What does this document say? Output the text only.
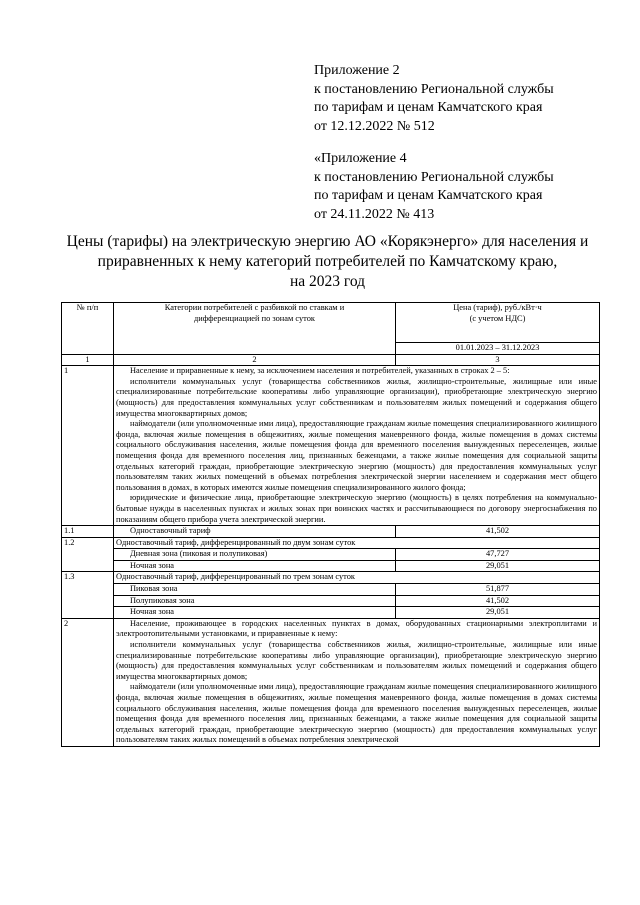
Приложение 2
к постановлению Региональной службы
по тарифам и ценам Камчатского края
от 12.12.2022 № 512
«Приложение 4
к постановлению Региональной службы
по тарифам и ценам Камчатского края
от 24.11.2022 № 413
Цены (тарифы) на электрическую энергию АО «Корякэнерго» для населения и
приравненных к нему категорий потребителей по Камчатскому краю,
на 2023 год
№ п/п	Категории потребителей с разбивкой по ставкам и дифференциацией по зонам суток	Цена (тариф), руб./кВт·ч
(с учетом НДС)

		01.01.2023 – 31.12.2023
1	2	3
1	Население и приравненные к нему, за исключением населения и потребителей, указанных в строках 2 – 5:
исполнители коммунальных услуг (товарищества собственников жилья, жилищно-строительные, жилищные или иные специализированные потребительские кооперативы либо управляющие организации), приобретающие электрическую энергию (мощность) для предоставления коммунальных услуг собственникам и пользователям жилых помещений и содержания общего имущества многоквартирных домов;
наймодатели (или уполномоченные ими лица), предоставляющие гражданам жилые помещения специализированного жилищного фонда, включая жилые помещения в общежитиях, жилые помещения маневренного фонда, жилые помещения в домах системы социального обслуживания населения, жилые помещения фонда для временного поселения вынужденных переселенцев, жилые помещения фонда для временного поселения лиц, признанных беженцами, а также жилые помещения для социальной защиты отдельных категорий граждан, приобретающие электрическую энергию (мощность) для предоставления коммунальных услуг пользователям таких жилых помещений в объемах потребления электрической энергии населением и содержания мест общего пользования в домах, в которых имеются жилые помещения специализированного жилого фонда;
юридические и физические лица, приобретающие электрическую энергию (мощность) в целях потребления на коммунально-бытовые нужды в населенных пунктах и жилых зонах при воинских частях и рассчитывающиеся по договору энергоснабжения по показаниям общего прибора учета электрической энергии.	

1.1	Одноставочный тариф	41,502
1.2	Одноставочный тариф, дифференцированный по двум зонам суток	
	Дневная зона (пиковая и полупиковая)	47,727
	Ночная зона	29,051
1.3	Одноставочный тариф, дифференцированный по трем зонам суток	
	Пиковая зона	51,877
	Полупиковая зона	41,502
	Ночная зона	29,051
2	Население, проживающее в городских населенных пунктах в домах, оборудованных стационарными электроплитами и электроотопительными установками, и приравненные к нему:
исполнители коммунальных услуг (товарищества собственников жилья, жилищно-строительные, жилищные или иные специализированные потребительские кооперативы либо управляющие организации), приобретающие электрическую энергию (мощность) для предоставления коммунальных услуг собственникам и пользователям жилых помещений и содержания общего имущества многоквартирных домов;
наймодатели (или уполномоченные ими лица), предоставляющие гражданам жилые помещения специализированного жилищного фонда, включая жилые помещения в общежитиях, жилые помещения маневренного фонда, жилые помещения в домах системы социального обслуживания населения, жилые помещения фонда для временного поселения вынужденных переселенцев, жилые помещения фонда для временного поселения лиц, признанных беженцами, а также жилые помещения для социальной защиты отдельных категорий граждан, приобретающие электрическую энергию (мощность) для предоставления коммунальных услуг пользователям таких жилых помещений в объемах потребления электрической	
